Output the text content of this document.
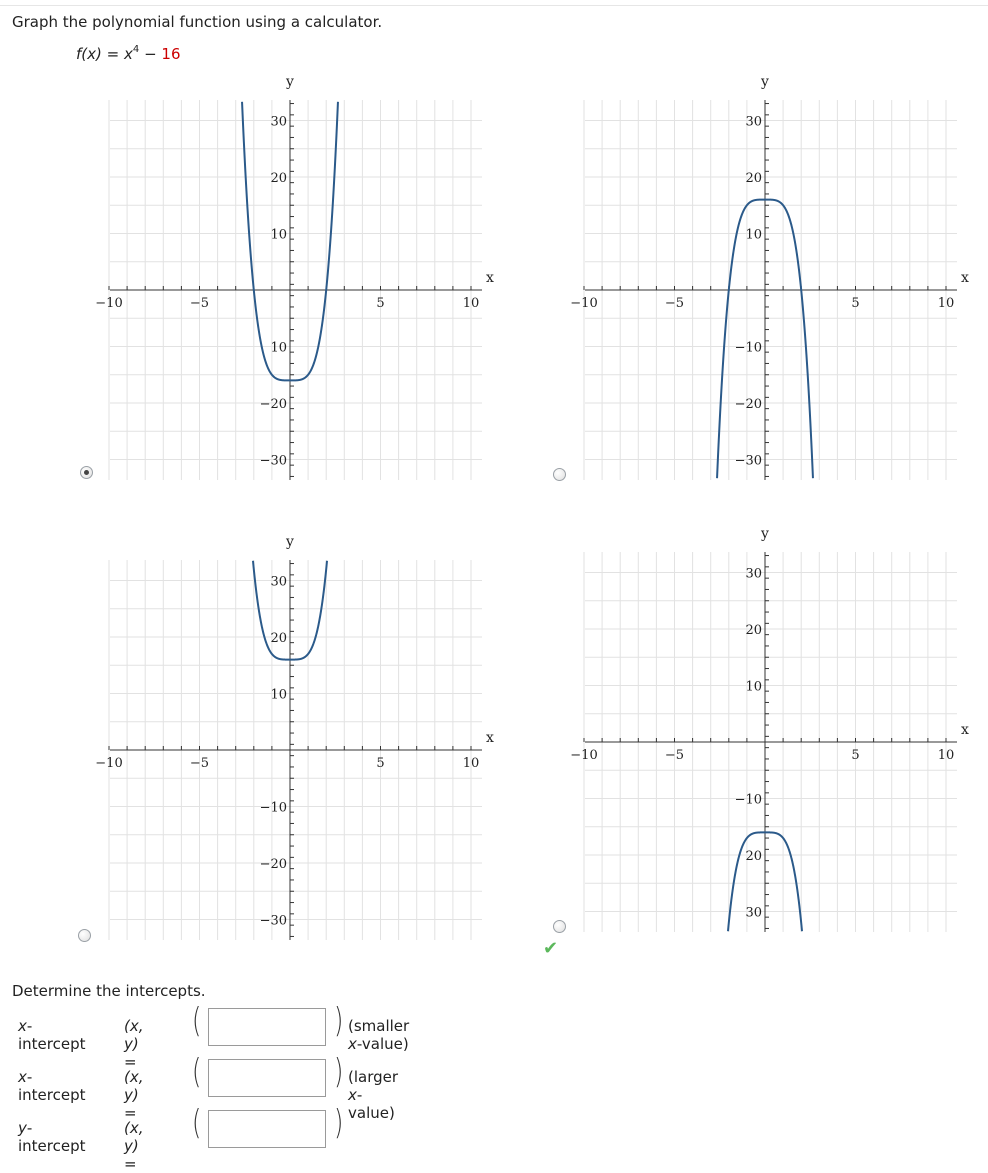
Graph the polynomial function using a calculator.
$f(x) = x^4 - 16$
−10	−5	5	10
30
20
10
10
−20
−30
y
x
−10	−5	5	10
30
20
10
−10
−20
−30
y
x
−10	−5	5	10
30
20
10
−10
−20
−30
y
x
−10	−5	5	10
30
20
10
−10
20
30
y
x
✔
Determine the intercepts.
x-intercept
(x, y) =
(	) (smaller x-value)
x-intercept
(x, y) =
(	) (larger x-value)
y-intercept
(x, y) =
(	)
